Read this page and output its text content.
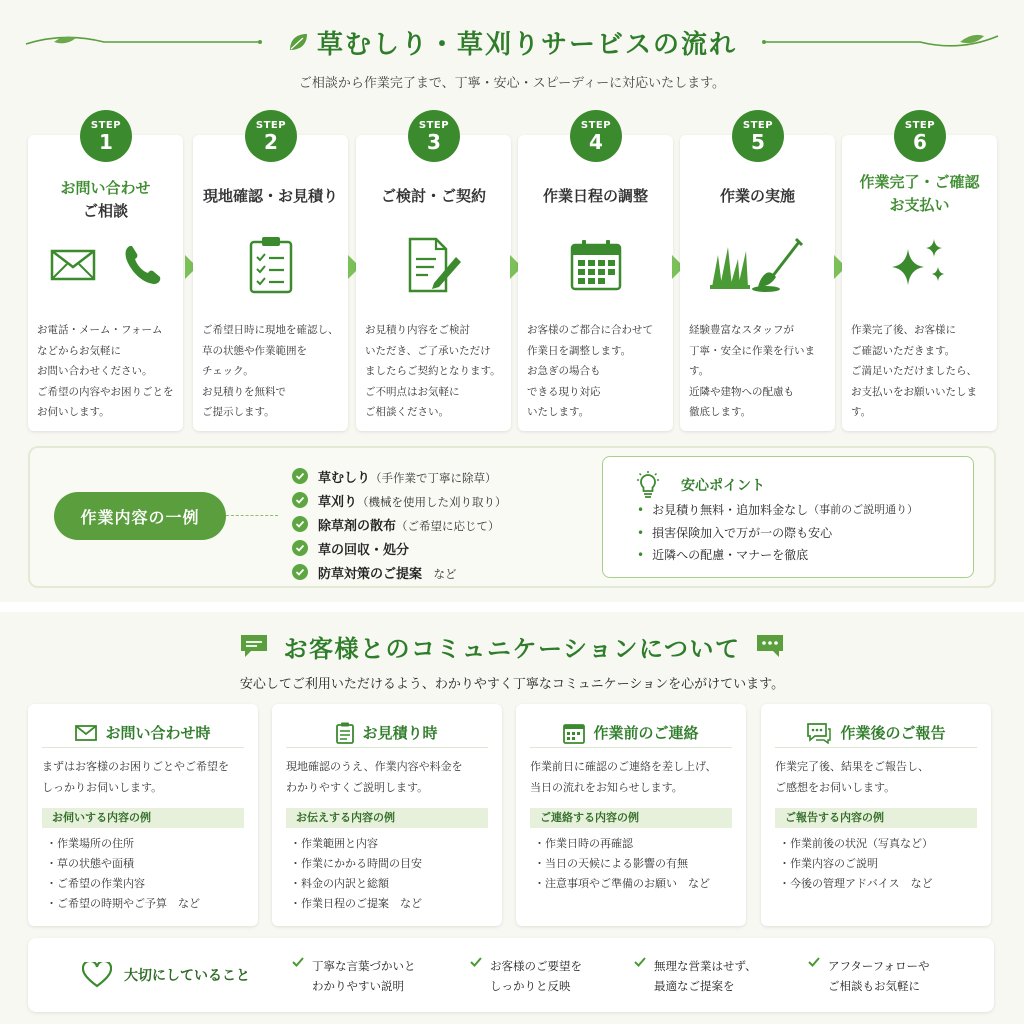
草むしり・草刈りサービスの流れ

ご相談から作業完了まで、丁寧・安心・スピーディーに対応いたします。

お問い合わせ
ご相談
お電話・メーム・フォーム
などからお気軽に
お問い合わせください。
ご希望の内容やお困りごとを
お伺いします。
STEP
1
現地確認・お見積り
ご希望日時に現地を確認し、
草の状態や作業範囲を
チェック。
お見積りを無料で
ご提示します。
STEP
2
ご検討・ご契約
お見積り内容をご検討
いただき、ご了承いただけ
ましたらご契約となります。
ご不明点はお気軽に
ご相談ください。
STEP
3
作業日程の調整
お客様のご都合に合わせて
作業日を調整します。
お急ぎの場合も
できる現り対応
いたします。
STEP
4
作業の実施
経験豊富なスタッフが
丁寧・安全に作業を行います。
近隣や建物への配慮も
徹底します。
STEP
5
作業完了・ご確認
お支払い
作業完了後、お客様に
ご確認いただきます。
ご満足いただけましたら、
お支払いをお願いいたします。
STEP
6
作業内容の一例
草むしり（手作業で丁寧に除草）
草刈り（機械を使用した刈り取り）
除草剤の散布（ご希望に応じて）
草の回収・処分
防草対策のご提案　など
安心ポイント
• お見積り無料・追加料金なし （事前のご説明通り）
• 損害保険加入で万が一の際も安心
• 近隣への配慮・マナーを徹底
お客様とのコミュニケーションについて

安心してご利用いただけるよう、わかりやすく丁寧なコミュニケーションを心がけています。

お問い合わせ時
まずはお客様のお困りごとやご希望を
しっかりお伺いします。
お伺いする内容の例
・ 作業場所の住所
・ 草の状態や面積
・ ご希望の作業内容
・ ご希望の時期やご予算　など
お見積り時
現地確認のうえ、作業内容や料金を
わかりやすくご説明します。
お伝えする内容の例
・ 作業範囲と内容
・ 作業にかかる時間の目安
・ 料金の内訳と総額
・ 作業日程のご提案　など
作業前のご連絡
作業前日に確認のご連絡を差し上げ、
当日の流れをお知らせします。
ご連絡する内容の例
・ 作業日時の再確認
・ 当日の天候による影響の有無
・ 注意事項やご準備のお願い　など
作業後のご報告
作業完了後、結果をご報告し、
ご感想をお伺いします。
ご報告する内容の例
・ 作業前後の状況（写真など）
・ 作業内容のご説明
・ 今後の管理アドバイス　など
大切にしていること
丁寧な言葉づかいと
わかりやすい説明
お客様のご要望を
しっかりと反映
無理な営業はせず、
最適なご提案を
アフターフォローや
ご相談もお気軽に
